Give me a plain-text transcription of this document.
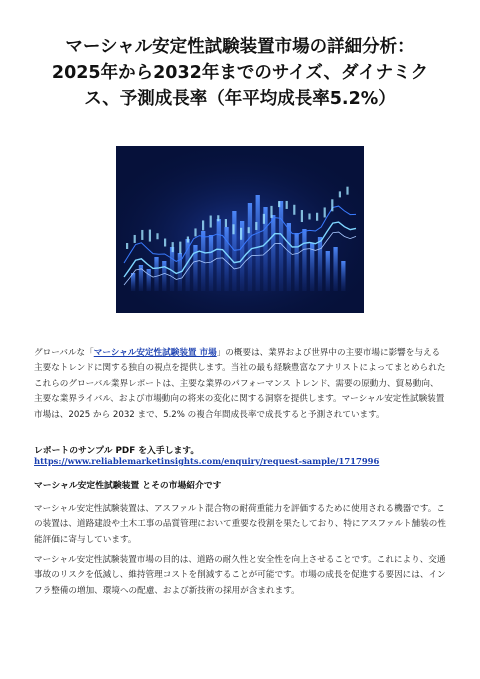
マーシャル安定性試験装置市場の詳細分析：
2025年から2032年までのサイズ、ダイナミク
ス、予測成長率（年平均成長率5.2%）

グローバルな「マーシャル安定性試験装置 市場」の概要は、業界および世界中の主要市場に影響を与える主要なトレンドに関する独自の視点を提供します。当社の最も経験豊富なアナリストによってまとめられたこれらのグローバル業界レポートは、主要な業界のパフォーマンス トレンド、需要の原動力、貿易動向、主要な業界ライバル、および市場動向の将来の変化に関する洞察を提供します。マーシャル安定性試験装置 市場は、2025 から 2032 まで、5.2% の複合年間成長率で成長すると予測されています。

レポートのサンプル PDF を入手します。

https://www.reliablemarketinsights.com/enquiry/request-sample/1717996

マーシャル安定性試験装置 とその市場紹介です

マーシャル安定性試験装置は、アスファルト混合物の耐荷重能力を評価するために使用される機器です。この装置は、道路建設や土木工事の品質管理において重要な役割を果たしており、特にアスファルト舗装の性能評価に寄与しています。

マーシャル安定性試験装置市場の目的は、道路の耐久性と安全性を向上させることです。これにより、交通事故のリスクを低減し、維持管理コストを削減することが可能です。市場の成長を促進する要因には、インフラ整備の増加、環境への配慮、および新技術の採用が含まれます。
